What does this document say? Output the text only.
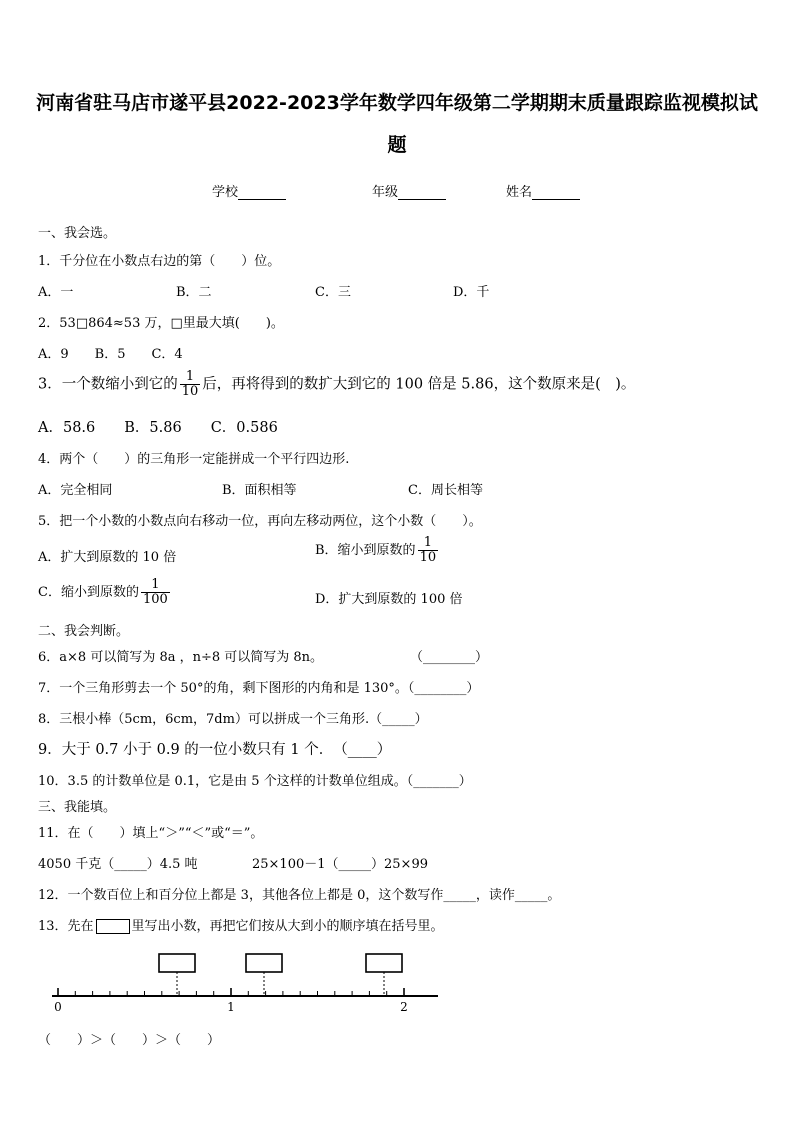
河南省驻马店市遂平县2022-2023学年数学四年级第二学期期末质量跟踪监视模拟试题
学校	年级	姓名
一、我会选。
1．千分位在小数点右边的第（　　）位。
A．一	B．二	C．三	D．千
2．53□864≈53 万，□里最大填(　　)。
A．9　　B．5　　C．4
3．一个数缩小到它的 $\frac{1}{10}$ 后，再将得到的数扩大到它的 100 倍是 5.86，这个数原来是(　)。
A．58.6　　B．5.86　　C．0.586
4．两个（　　）的三角形一定能拼成一个平行四边形.
A．完全相同	B．面积相等	C．周长相等
5．把一个小数的小数点向右移动一位，再向左移动两位，这个小数（　　）。
A．扩大到原数的 10 倍	B．缩小到原数的 $\frac{1}{10}$
C．缩小到原数的 $\frac{1}{100}$	D．扩大到原数的 100 倍
二、我会判断。
6．a×8 可以简写为 8a ，n÷8 可以简写为 8n。	（________）
7．一个三角形剪去一个 50°的角，剩下图形的内角和是 130°。（________）
8．三根小棒（5cm，6cm，7dm）可以拼成一个三角形.（_____）
9．大于 0.7 小于 0.9 的一位小数只有 1 个．　（____）
10．3.5 的计数单位是 0.1，它是由 5 个这样的计数单位组成。（_______）
三、我能填。
11．在（　　）填上“＞”“＜”或“＝”。
4050 千克（_____）4.5 吨	25×100－1（_____）25×99
12．一个数百位上和百分位上都是 3，其他各位上都是 0，这个数写作_____，读作_____。
13．先在	里写出小数，再把它们按从大到小的顺序填在括号里。
0	1	2
（　　）＞（　　）＞（　　）
